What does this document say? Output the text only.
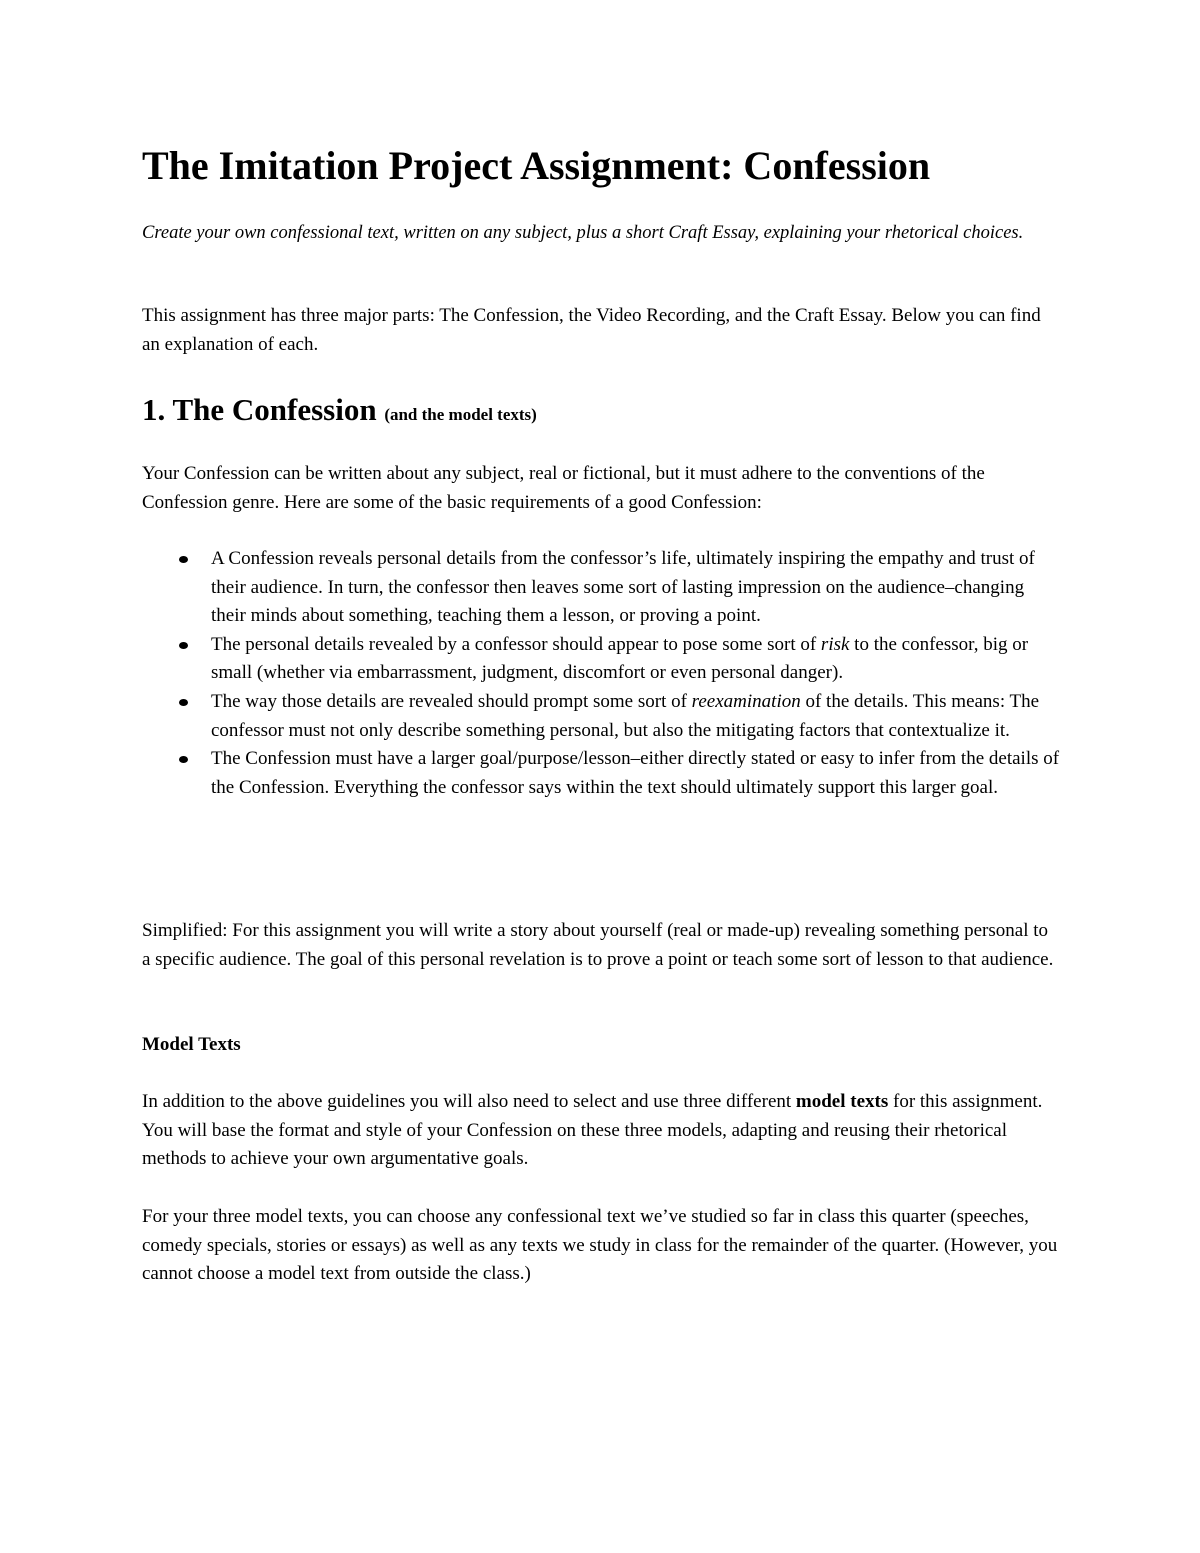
The Imitation Project Assignment: Confession

Create your own confessional text, written on any subject, plus a short Craft Essay, explaining your rhetorical choices.

This assignment has three major parts: The Confession, the Video Recording, and the Craft Essay. Below you can find an explanation of each.

1. The Confession (and the model texts)

Your Confession can be written about any subject, real or fictional, but it must adhere to the conventions of the Confession genre. Here are some of the basic requirements of a good Confession:

A Confession reveals personal details from the confessor’s life, ultimately inspiring the empathy and trust of their audience. In turn, the confessor then leaves some sort of lasting impression on the audience–changing their minds about something, teaching them a lesson, or proving a point.
The personal details revealed by a confessor should appear to pose some sort of risk to the confessor, big or small (whether via embarrassment, judgment, discomfort or even personal danger).
The way those details are revealed should prompt some sort of reexamination of the details. This means: The confessor must not only describe something personal, but also the mitigating factors that contextualize it.
The Confession must have a larger goal/purpose/lesson–either directly stated or easy to infer from the details of the Confession. Everything the confessor says within the text should ultimately support this larger goal.

Simplified: For this assignment you will write a story about yourself (real or made-up) revealing something personal to a specific audience. The goal of this personal revelation is to prove a point or teach some sort of lesson to that audience.

Model Texts

In addition to the above guidelines you will also need to select and use three different model texts for this assignment. You will base the format and style of your Confession on these three models, adapting and reusing their rhetorical methods to achieve your own argumentative goals.

For your three model texts, you can choose any confessional text we’ve studied so far in class this quarter (speeches, comedy specials, stories or essays) as well as any texts we study in class for the remainder of the quarter. (However, you cannot choose a model text from outside the class.)
